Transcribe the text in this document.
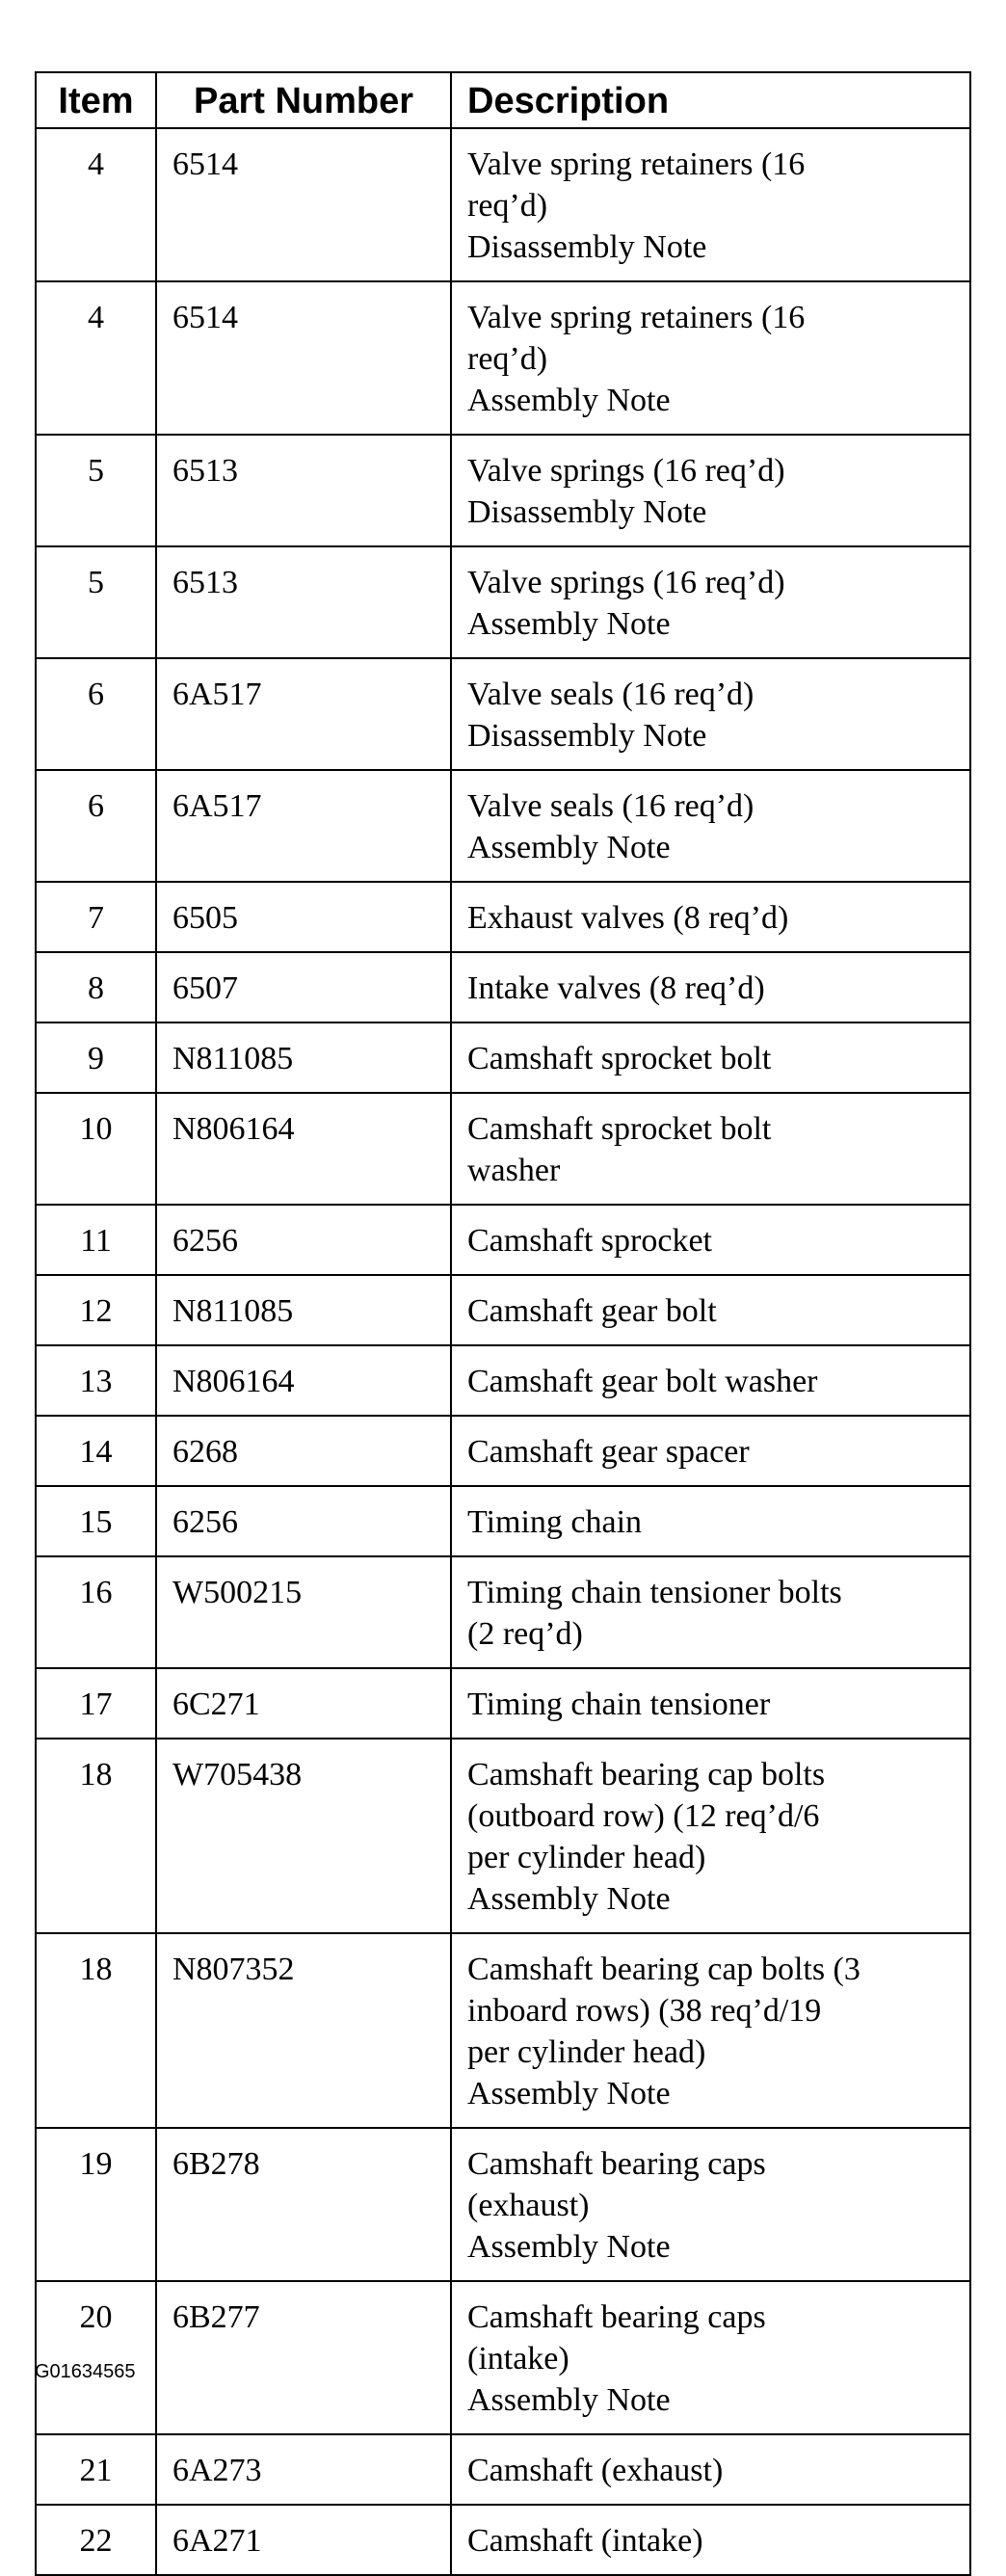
Item	Part Number	Description
4	6514	Valve spring retainers (16
req’d)
Disassembly Note

4	6514	Valve spring retainers (16
req’d)
Assembly Note

5	6513	Valve springs (16 req’d)
Disassembly Note

5	6513	Valve springs (16 req’d)
Assembly Note

6	6A517	Valve seals (16 req’d)
Disassembly Note

6	6A517	Valve seals (16 req’d)
Assembly Note

7	6505	Exhaust valves (8 req’d)

8	6507	Intake valves (8 req’d)

9	N811085	Camshaft sprocket bolt

10	N806164	Camshaft sprocket bolt
washer

11	6256	Camshaft sprocket

12	N811085	Camshaft gear bolt

13	N806164	Camshaft gear bolt washer

14	6268	Camshaft gear spacer

15	6256	Timing chain

16	W500215	Timing chain tensioner bolts
(2 req’d)

17	6C271	Timing chain tensioner

18	W705438	Camshaft bearing cap bolts
(outboard row) (12 req’d/6
per cylinder head)
Assembly Note

18	N807352	Camshaft bearing cap bolts (3
inboard rows) (38 req’d/19
per cylinder head)
Assembly Note

19	6B278	Camshaft bearing caps
(exhaust)
Assembly Note

20	6B277	Camshaft bearing caps
(intake)
Assembly Note

21	6A273	Camshaft (exhaust)

22	6A271	Camshaft (intake)
G01634565
